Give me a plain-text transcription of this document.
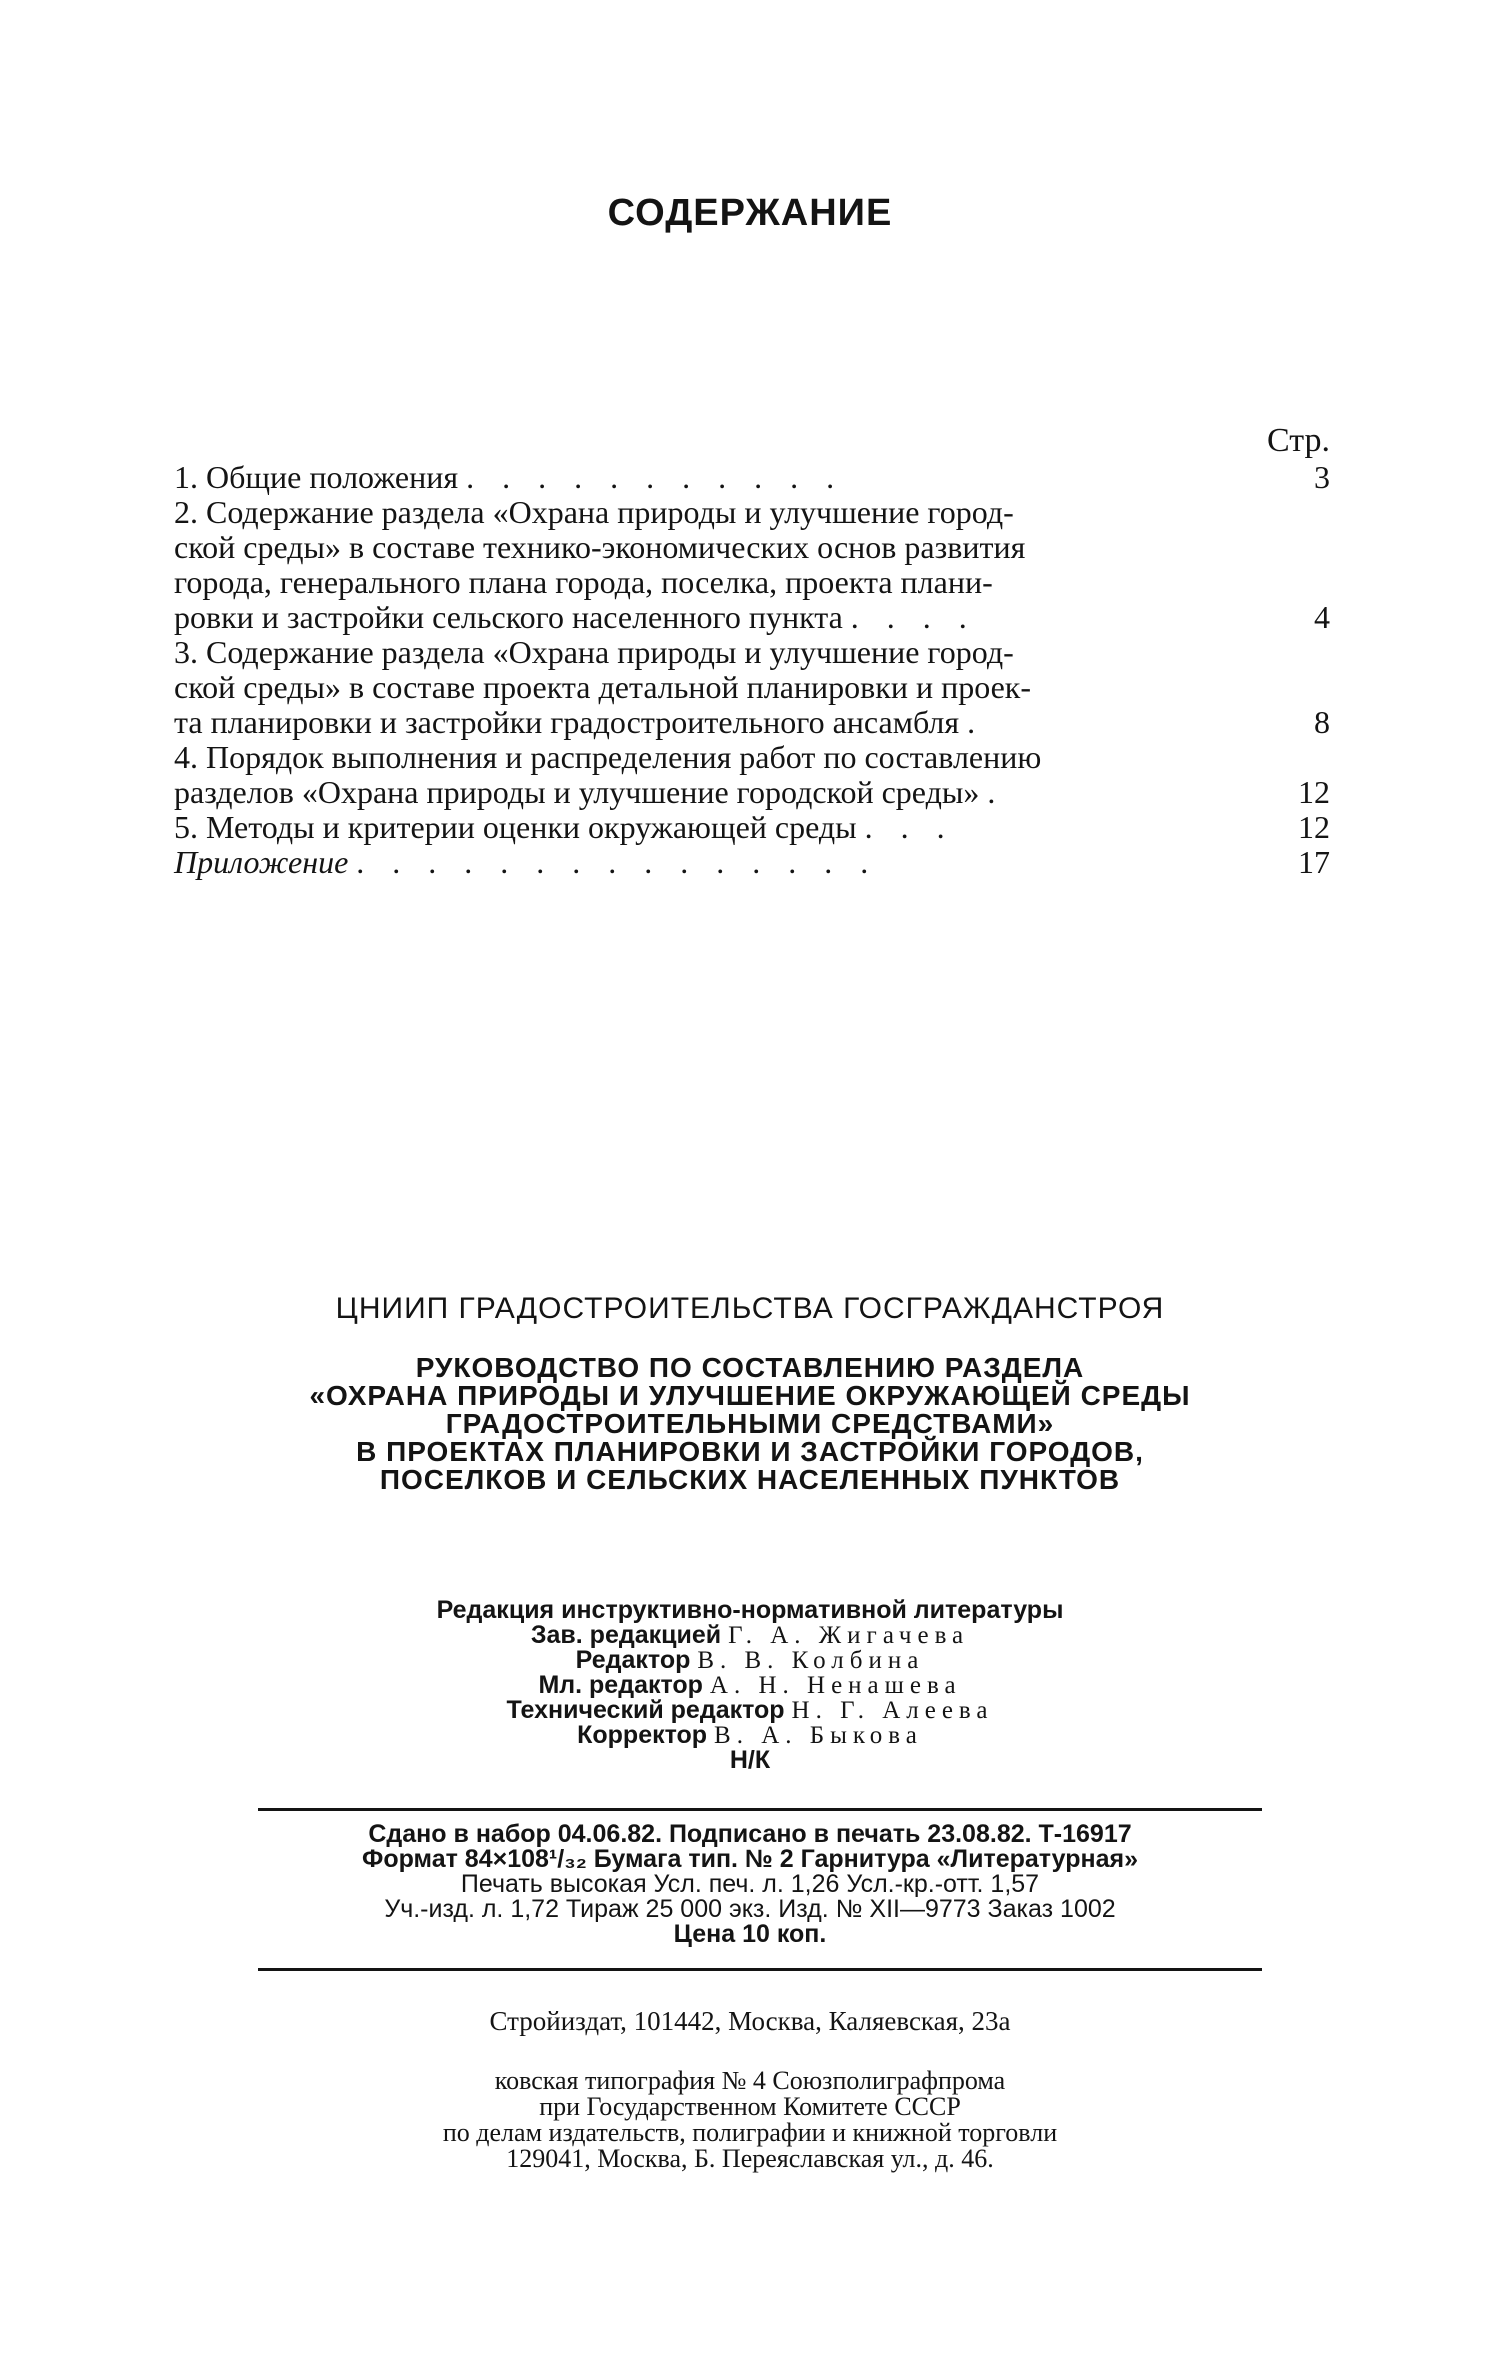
СОДЕРЖАНИЕ
Стр.
1. Общие положения . . . . . . . . . . .	3
2. Содержание раздела «Охрана природы и улучшение город-
ской среды» в составе технико-экономических основ развития
города, генерального плана города, поселка, проекта плани-
ровки и застройки сельского населенного пункта . . . .	4
3. Содержание раздела «Охрана природы и улучшение город-
ской среды» в составе проекта детальной планировки и проек-
та планировки и застройки градостроительного ансамбля .	8
4. Порядок выполнения и распределения работ по составлению
разделов «Охрана природы и улучшение городской среды» .	12
5. Методы и критерии оценки окружающей среды . . .	12
Приложение . . . . . . . . . . . . . . .	17
ЦНИИП ГРАДОСТРОИТЕЛЬСТВА ГОСГРАЖДАНСТРОЯ
РУКОВОДСТВО ПО СОСТАВЛЕНИЮ РАЗДЕЛА
«ОХРАНА ПРИРОДЫ И УЛУЧШЕНИЕ ОКРУЖАЮЩЕЙ СРЕДЫ
ГРАДОСТРОИТЕЛЬНЫМИ СРЕДСТВАМИ»
В ПРОЕКТАХ ПЛАНИРОВКИ И ЗАСТРОЙКИ ГОРОДОВ,
ПОСЕЛКОВ И СЕЛЬСКИХ НАСЕЛЕННЫХ ПУНКТОВ
Редакция инструктивно-нормативной литературы
Зав. редакцией Г. А. Жигачева
Редактор В. В. Колбина
Мл. редактор А. Н. Ненашева
Технический редактор Н. Г. Алеева
Корректор В. А. Быкова
Н/К
Сдано в набор 04.06.82. Подписано в печать 23.08.82. Т-16917
Формат 84×108¹/₃₂ Бумага тип. № 2 Гарнитура «Литературная»
Печать высокая Усл. печ. л. 1,26 Усл.-кр.-отт. 1,57
Уч.-изд. л. 1,72 Тираж 25 000 экз. Изд. № XII—9773 Заказ 1002
Цена 10 коп.
Стройиздат, 101442, Москва, Каляевская, 23а
ковская типография № 4 Союзполиграфпрома
при Государственном Комитете ССCР
по делам издательств, полиграфии и книжной торговли
129041, Москва, Б. Переяславская ул., д. 46.
